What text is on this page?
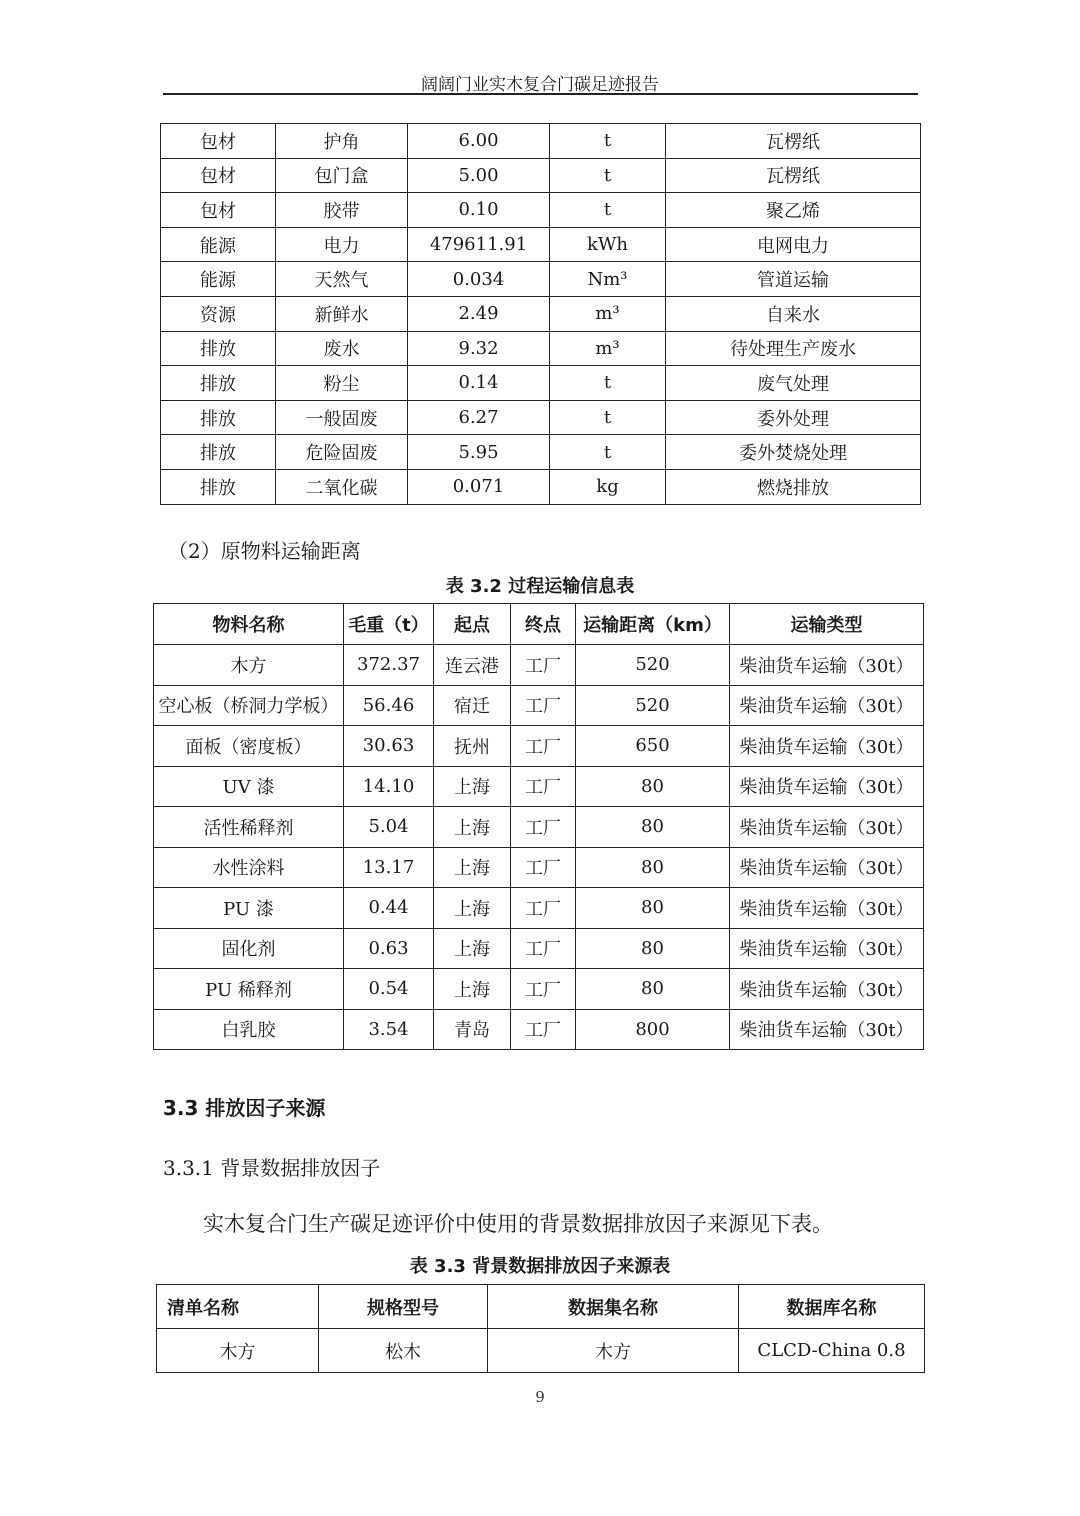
阔阔门业实木复合门碳足迹报告
包材	护角	6.00	t	瓦楞纸
包材	包门盒	5.00	t	瓦楞纸
包材	胶带	0.10	t	聚乙烯
能源	电力	479611.91	kWh	电网电力
能源	天然气	0.034	Nm³	管道运输
资源	新鲜水	2.49	m³	自来水
排放	废水	9.32	m³	待处理生产废水
排放	粉尘	0.14	t	废气处理
排放	一般固废	6.27	t	委外处理
排放	危险固废	5.95	t	委外焚烧处理
排放	二氧化碳	0.071	kg	燃烧排放
（2）原物料运输距离
表 3.2 过程运输信息表
物料名称	毛重（t）	起点	终点	运输距离（km）	运输类型
木方	372.37	连云港	工厂	520	柴油货车运输（30t）
空心板（桥洞力学板）	56.46	宿迁	工厂	520	柴油货车运输（30t）
面板（密度板）	30.63	抚州	工厂	650	柴油货车运输（30t）
UV 漆	14.10	上海	工厂	80	柴油货车运输（30t）
活性稀释剂	5.04	上海	工厂	80	柴油货车运输（30t）
水性涂料	13.17	上海	工厂	80	柴油货车运输（30t）
PU 漆	0.44	上海	工厂	80	柴油货车运输（30t）
固化剂	0.63	上海	工厂	80	柴油货车运输（30t）
PU 稀释剂	0.54	上海	工厂	80	柴油货车运输（30t）
白乳胶	3.54	青岛	工厂	800	柴油货车运输（30t）
3.3 排放因子来源
3.3.1 背景数据排放因子
实木复合门生产碳足迹评价中使用的背景数据排放因子来源见下表。
表 3.3 背景数据排放因子来源表
清单名称	规格型号	数据集名称	数据库名称
木方	松木	木方	CLCD-China 0.8
9
